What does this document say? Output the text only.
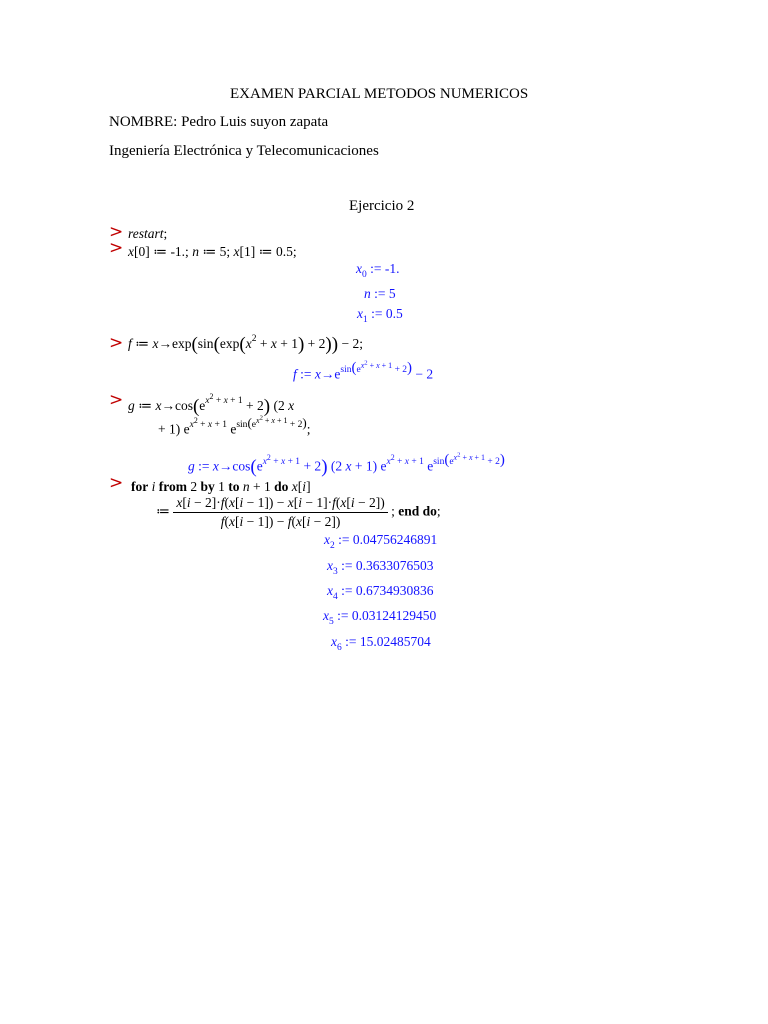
EXAMEN PARCIAL METODOS NUMERICOS
NOMBRE: Pedro Luis suyon zapata
Ingeniería Electrónica y Telecomunicaciones
Ejercicio 2
> restart;
> x[0] ≔ -1.; n ≔ 5; x[1] ≔ 0.5;
$x_0$ := -1.
n := 5
$x_1$ := 0.5
> f ≔ $x\to\exp(\sin(\exp(x^2 + x + 1) + 2)) - 2$;
f := $x\to e^{sin(e^{x^2 + x + 1} + 2)} - 2$
> g ≔ $x\to\cos(e^{x^2 + x + 1} + 2)$ (2 x
+ 1) $e^{x^2 + x + 1}$ $e^{sin(e^{x^2 + x + 1} + 2)}$;
g := $x\to\cos(e^{x^2 + x + 1} + 2)$ (2 x + 1) $e^{x^2 + x + 1}$ $e^{sin(e^{x^2 + x + 1} + 2)}$
> for i from 2 by 1 to n + 1 do x[i]
≔ $\frac{x[i - 2]\cdot f(x[i - 1]) - x[i - 1]\cdot f(x[i - 2])}{f(x[i - 1]) - f(x[i - 2])}$ ; end do;
$x_2$ := 0.04756246891
$x_3$ := 0.3633076503
$x_4$ := 0.6734930836
$x_5$ := 0.03124129450
$x_6$ := 15.02485704
